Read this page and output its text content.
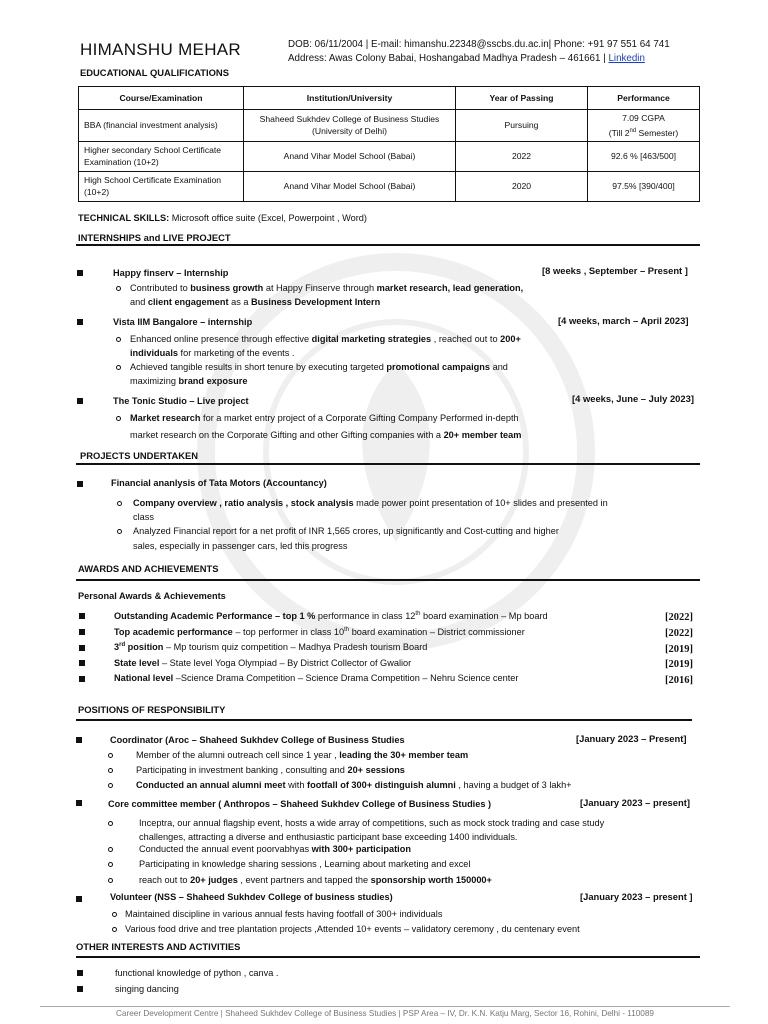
HIMANSHU MEHAR	DOB: 06/11/2004 | E-mail: himanshu.22348@sscbs.du.ac.in| Phone: +91 97 551 64 741
Address: Awas Colony Babai, Hoshangabad Madhya Pradesh – 461661 | Linkedin
EDUCATIONAL QUALIFICATIONS
Course/Examination	Institution/University	Year of Passing	Performance
BBA (financial investment analysis)	Shaheed Sukhdev College of Business Studies (University of Delhi)	Pursuing	7.09 CGPA
(Till 2nd Semester)

Higher secondary School Certificate Examination (10+2)	Anand Vihar Model School (Babai)	2022	92.6 % [463/500]
High School Certificate Examination (10+2)	Anand Vihar Model School (Babai)	2020	97.5% [390/400]
TECHNICAL SKILLS: Microsoft office suite (Excel, Powerpoint , Word)
INTERNSHIPS and LIVE PROJECT
Happy finserv – Internship	[8 weeks , September – Present ]
Contributed to business growth at Happy Finserve through market research, lead generation,
and client engagement as a Business Development Intern
Vista IIM Bangalore – internship	[4 weeks, march – April 2023]
Enhanced online presence through effective digital marketing strategies , reached out to 200+
individuals for marketing of the events .
Achieved tangible results in short tenure by executing targeted promotional campaigns and
maximizing brand exposure
The Tonic Studio – Live project	[4 weeks, June – July 2023]
Market research for a market entry project of a Corporate Gifting Company Performed in-depth
market research on the Corporate Gifting and other Gifting companies with a 20+ member team
PROJECTS UNDERTAKEN
Financial ananlysis of Tata Motors (Accountancy)
Company overview , ratio analysis , stock analysis made power point presentation of 10+ slides and presented in
class
Analyzed Financial report for a net profit of INR 1,565 crores, up significantly and Cost-cutting and higher
sales, especially in passenger cars, led this progress
AWARDS AND ACHIEVEMENTS
Personal Awards & Achievements
Outstanding Academic Performance – top 1 % performance in class 12th board examination – Mp board	[2022]
Top academic performance – top performer in class 10th board examination – District commissioner	[2022]
3rd position – Mp tourism quiz competition – Madhya Pradesh tourism Board	[2019]
State level – State level Yoga Olympiad – By District Collector of Gwalior	[2019]
National level –Science Drama Competition – Science Drama Competition – Nehru Science center	[2016]
POSITIONS OF RESPONSIBILITY
Coordinator (Aroc – Shaheed Sukhdev College of Business Studies	[January 2023 – Present]
Member of the alumni outreach cell since 1 year , leading the 30+ member team
Participating in investment banking , consulting and 20+ sessions
Conducted an annual alumni meet with footfall of 300+ distinguish alumni , having a budget of 3 lakh+
Core committee member ( Anthropos – Shaheed Sukhdev College of Business Studies )	[January 2023 – present]
Inceptra, our annual flagship event, hosts a wide array of competitions, such as mock stock trading and case study
challenges, attracting a diverse and enthusiastic participant base exceeding 1400 individuals.
Conducted the annual event poorvabhyas with 300+ participation
Participating in knowledge sharing sessions , Learning about marketing and excel
reach out to 20+ judges , event partners and tapped the sponsorship worth 150000+
Volunteer (NSS – Shaheed Sukhdev College of business studies)	[January 2023 – present ]
Maintained discipline in various annual fests having footfall of 300+ individuals
Various food drive and tree plantation projects ,Attended 10+ events – validatory ceremony , du centenary event
OTHER INTERESTS AND ACTIVITIES
functional knowledge of python , canva .
singing dancing
Career Development Centre | Shaheed Sukhdev College of Business Studies | PSP Area – IV, Dr. K.N. Katju Marg, Sector 16, Rohini, Delhi - 110089
